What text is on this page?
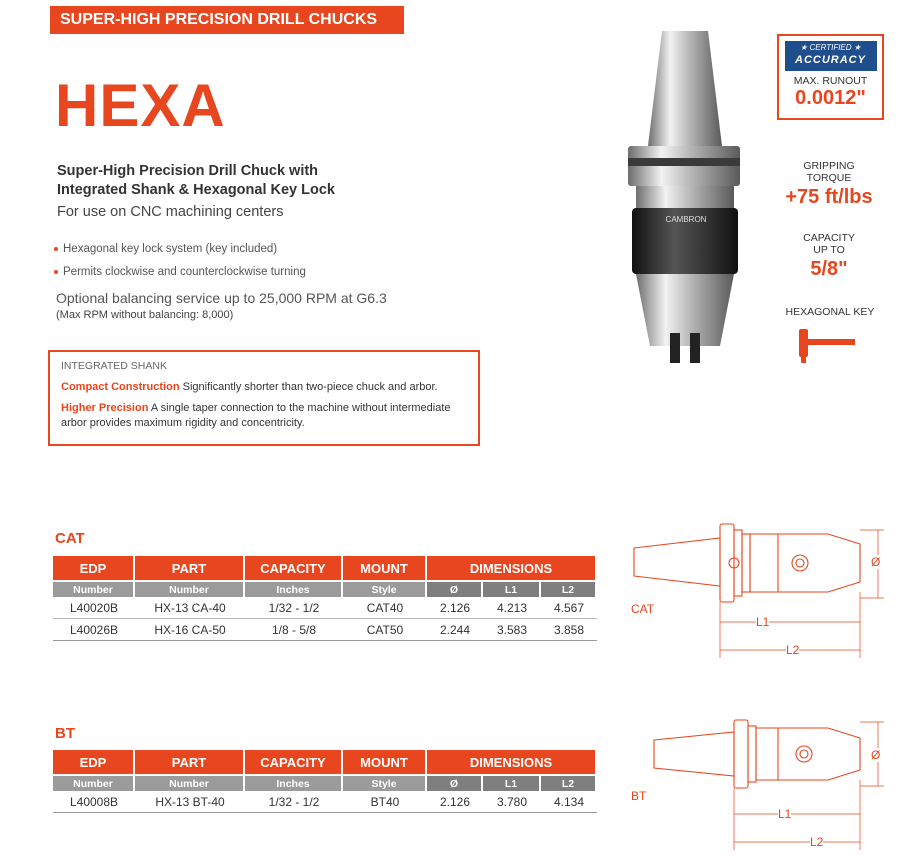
SUPER-HIGH PRECISION DRILL CHUCKS
HEXA
Super-High Precision Drill Chuck with
Integrated Shank & Hexagonal Key Lock
For use on CNC machining centers
Hexagonal key lock system (key included)
Permits clockwise and counterclockwise turning
Optional balancing service up to 25,000 RPM at G6.3
(Max RPM without balancing: 8,000)
INTEGRATED SHANK

Compact Construction Significantly shorter than two-piece chuck and arbor.

Higher Precision A single taper connection to the machine without intermediate arbor provides maximum rigidity and concentricity.

CAMBRON
★ CERTIFIED ★
ACCURACY
MAX. RUNOUT
0.0012"
GRIPPING
TORQUE
+75 ft/lbs
CAPACITY
UP TO
5/8"
HEXAGONAL KEY
CAT
EDP	PART	CAPACITY	MOUNT	DIMENSIONS		
Number	Number	Inches	Style	Ø	L1	L2
L40020B	HX-13 CA-40	1/32 - 1/2	CAT40	2.126	4.213	4.567
L40026B	HX-16 CA-50	1/8 - 5/8	CAT50	2.244	3.583	3.858
BT
EDP	PART	CAPACITY	MOUNT	DIMENSIONS		
Number	Number	Inches	Style	Ø	L1	L2
L40008B	HX-13 BT-40	1/32 - 1/2	BT40	2.126	3.780	4.134
CAT
Ø
L1
L2
BT
Ø
L1
L2
